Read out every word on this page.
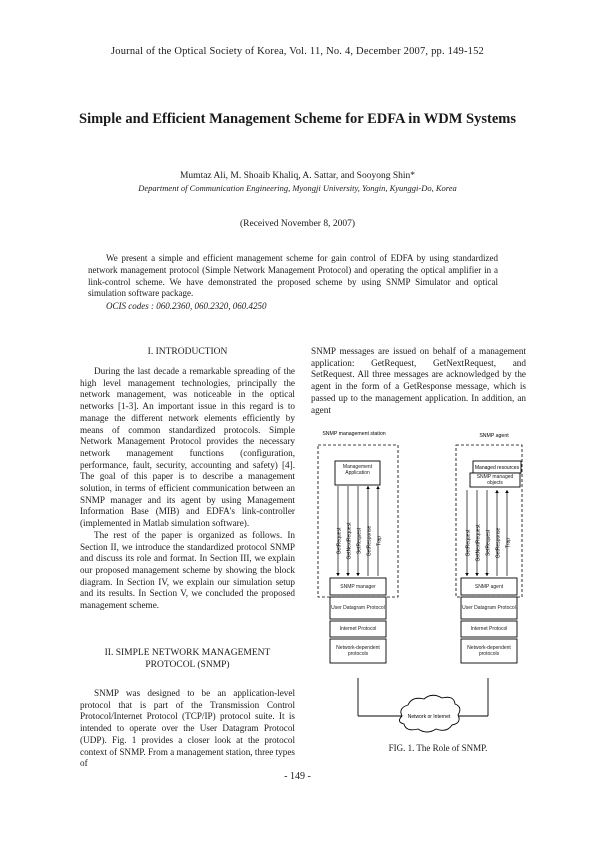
Journal of the Optical Society of Korea, Vol. 11, No. 4, December 2007, pp. 149-152
Simple and Efficient Management Scheme for EDFA in WDM Systems
Mumtaz Ali, M. Shoaib Khaliq, A. Sattar, and Sooyong Shin*
Department of Communication Engineering, Myongji University, Yongin, Kyunggi-Do, Korea
(Received November 8, 2007)

We present a simple and efficient management scheme for gain control of EDFA by using standardized network management protocol (Simple Network Management Protocol) and operating the optical amplifier in a link-control scheme. We have demonstrated the proposed scheme by using SNMP Simulator and optical simulation software package.

OCIS codes : 060.2360, 060.2320, 060.4250
I. INTRODUCTION

During the last decade a remarkable spreading of the high level management technologies, principally the network management, was noticeable in the optical networks [1-3]. An important issue in this regard is to manage the different network elements efficiently by means of common standardized protocols. Simple Network Management Protocol provides the necessary network management functions (configuration, performance, fault, security, accounting and safety) [4]. The goal of this paper is to describe a management solution, in terms of efficient communication between an SNMP manager and its agent by using Management Information Base (MIB) and EDFA's link-controller (implemented in Matlab simulation software).

The rest of the paper is organized as follows. In Section II, we introduce the standardized protocol SNMP and discuss its role and format. In Section III, we explain our proposed management scheme by showing the block diagram. In Section IV, we explain our simulation setup and its results. In Section V, we concluded the proposed management scheme.

II. SIMPLE NETWORK MANAGEMENT PROTOCOL (SNMP)

SNMP was designed to be an application-level protocol that is part of the Transmission Control Protocol/Internet Protocol (TCP/IP) protocol suite. It is intended to operate over the User Datagram Protocol (UDP). Fig. 1 provides a closer look at the protocol context of SNMP. From a management station, three types of

SNMP messages are issued on behalf of a management application: GetRequest, GetNextRequest, and SetRequest. All three messages are acknowledged by the agent in the form of a GetResponse message, which is passed up to the management application. In addition, an agent

SNMP management station	SNMP agent
Management Application
GetRequest GetNextRequest SetRequest GetResponse Trap
Managed resources
SNMP managed objects
GetRequest GetNextRequest SetRequest GetResponse Trap
SNMP manager
User Datagram Protocol
Internet Protocol
Network-dependent protocols
SNMP agent
User Datagram Protocol
Internet Protocol
Network-dependent protocols
Network or Internet
FIG. 1. The Role of SNMP.
- 149 -
